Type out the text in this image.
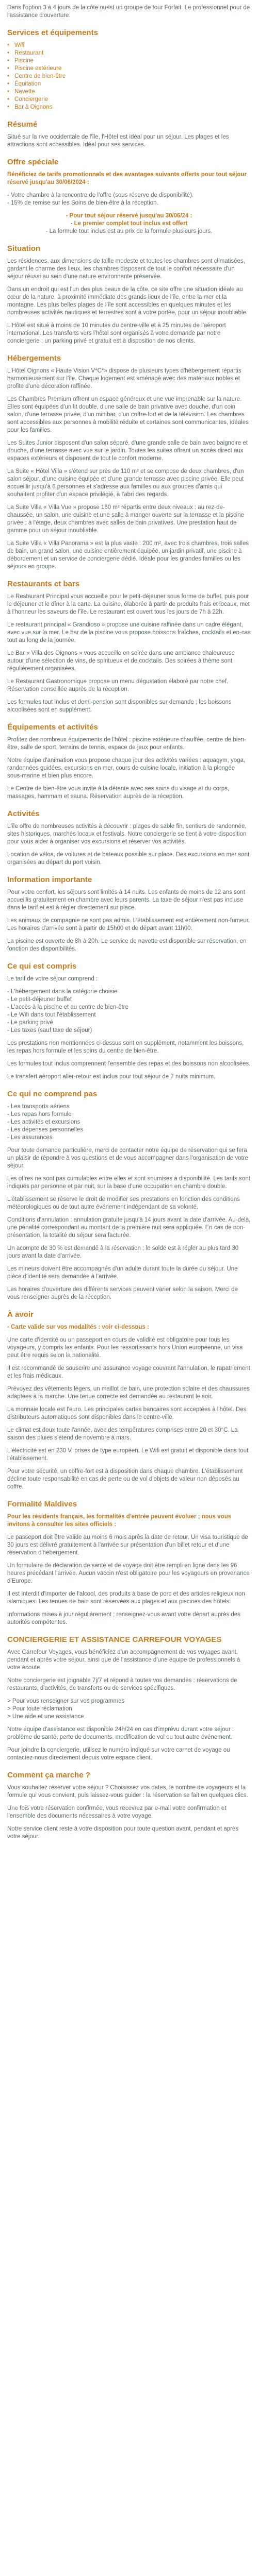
Dans l'option 3 à 4 jours de la côte ouest un groupe de tour Forfait. Le professionnel pour de l'assistance d'ouverture.

Services et équipements
• Wifi
• Restaurant
• Piscine
• Piscine extérieure
• Centre de bien-être
• Équitation
• Navette
• Conciergerie
• Bar à Oignons
Résumé

Situé sur la rive occidentale de l'île, l'Hôtel est idéal pour un séjour. Les plages et les attractions sont accessibles. Idéal pour ses services.

Offre spéciale

Bénéficiez de tarifs promotionnels et des avantages suivants offerts pour tout séjour réservé jusqu'au 30/06/2024 :

- Votre chambre à la rencontre de l'offre (sous réserve de disponibilité).
- 15% de remise sur les Soins de bien-être à la réception.

- Pour tout séjour réservé jusqu'au 30/06/24 :
- Le premier complet tout inclus est offert
- La formule tout inclus est au prix de la formule plusieurs jours.

Situation

Les résidences, aux dimensions de taille modeste et toutes les chambres sont climatisées, gardant le charme des lieux, les chambres disposent de tout le confort nécessaire d'un séjour réussi au sein d'une nature environnante préservée.

Dans un endroit qui est l'un des plus beaux de la côte, ce site offre une situation idéale au cœur de la nature, à proximité immédiate des grands lieux de l'île, entre la mer et la montagne. Les plus belles plages de l'île sont accessibles en quelques minutes et les nombreuses activités nautiques et terrestres sont à votre portée, pour un séjour inoubliable.

L'Hôtel est situé à moins de 10 minutes du centre-ville et à 25 minutes de l'aéroport international. Les transferts vers l'hôtel sont organisés à votre demande par notre conciergerie ; un parking privé et gratuit est à disposition de nos clients.

Hébergements

L'Hôtel Oignons « Haute Vision V*C*» dispose de plusieurs types d'hébergement répartis harmonieusement sur l'île. Chaque logement est aménagé avec des matériaux nobles et profite d'une décoration raffinée.

Les Chambres Premium offrent un espace généreux et une vue imprenable sur la nature. Elles sont équipées d'un lit double, d'une salle de bain privative avec douche, d'un coin salon, d'une terrasse privée, d'un minibar, d'un coffre-fort et de la télévision. Les chambres sont accessibles aux personnes à mobilité réduite et certaines sont communicantes, idéales pour les familles.

Les Suites Junior disposent d'un salon séparé, d'une grande salle de bain avec baignoire et douche, d'une terrasse avec vue sur le jardin. Toutes les suites offrent un accès direct aux espaces extérieurs et disposent de tout le confort moderne.

La Suite « Hôtel Villa » s'étend sur près de 110 m² et se compose de deux chambres, d'un salon séjour, d'une cuisine équipée et d'une grande terrasse avec piscine privée. Elle peut accueillir jusqu'à 6 personnes et s'adresse aux familles ou aux groupes d'amis qui souhaitent profiter d'un espace privilégié, à l'abri des regards.

La Suite Villa « Villa Vue » propose 160 m² répartis entre deux niveaux : au rez-de-chaussée, un salon, une cuisine et une salle à manger ouverte sur la terrasse et la piscine privée ; à l'étage, deux chambres avec salles de bain privatives. Une prestation haut de gamme pour un séjour inoubliable.

La Suite Villa « Villa Panorama » est la plus vaste : 200 m², avec trois chambres, trois salles de bain, un grand salon, une cuisine entièrement équipée, un jardin privatif, une piscine à débordement et un service de conciergerie dédié. Idéale pour les grandes familles ou les séjours en groupe.

Restaurants et bars

Le Restaurant Principal vous accueille pour le petit-déjeuner sous forme de buffet, puis pour le déjeuner et le dîner à la carte. La cuisine, élaborée à partir de produits frais et locaux, met à l'honneur les saveurs de l'île. Le restaurant est ouvert tous les jours de 7h à 22h.

Le restaurant principal « Grandioso » propose une cuisine raffinée dans un cadre élégant, avec vue sur la mer. Le bar de la piscine vous propose boissons fraîches, cocktails et en-cas tout au long de la journée.

Le Bar « Villa des Oignons » vous accueille en soirée dans une ambiance chaleureuse autour d'une sélection de vins, de spiritueux et de cocktails. Des soirées à thème sont régulièrement organisées.

Le Restaurant Gastronomique propose un menu dégustation élaboré par notre chef. Réservation conseillée auprès de la réception.

Les formules tout inclus et demi-pension sont disponibles sur demande ; les boissons alcoolisées sont en supplément.

Équipements et activités

Profitez des nombreux équipements de l'hôtel : piscine extérieure chauffée, centre de bien-être, salle de sport, terrains de tennis, espace de jeux pour enfants.

Notre équipe d'animation vous propose chaque jour des activités variées : aquagym, yoga, randonnées guidées, excursions en mer, cours de cuisine locale, initiation à la plongée sous-marine et bien plus encore.

Le Centre de bien-être vous invite à la détente avec ses soins du visage et du corps, massages, hammam et sauna. Réservation auprès de la réception.

Activités

L'île offre de nombreuses activités à découvrir : plages de sable fin, sentiers de randonnée, sites historiques, marchés locaux et festivals. Notre conciergerie se tient à votre disposition pour vous aider à organiser vos excursions et réserver vos activités.

Location de vélos, de voitures et de bateaux possible sur place. Des excursions en mer sont organisées au départ du port voisin.

Information importante

Pour votre confort, les séjours sont limités à 14 nuits. Les enfants de moins de 12 ans sont accueillis gratuitement en chambre avec leurs parents. La taxe de séjour n'est pas incluse dans le tarif et est à régler directement sur place.

Les animaux de compagnie ne sont pas admis. L'établissement est entièrement non-fumeur. Les horaires d'arrivée sont à partir de 15h00 et de départ avant 11h00.

La piscine est ouverte de 8h à 20h. Le service de navette est disponible sur réservation, en fonction des disponibilités.

Ce qui est compris

Le tarif de votre séjour comprend :

- L'hébergement dans la catégorie choisie
- Le petit-déjeuner buffet
- L'accès à la piscine et au centre de bien-être
- Le Wifi dans tout l'établissement
- Le parking privé
- Les taxes (sauf taxe de séjour)

Les prestations non mentionnées ci-dessus sont en supplément, notamment les boissons, les repas hors formule et les soins du centre de bien-être.

Les formules tout inclus comprennent l'ensemble des repas et des boissons non alcoolisées.

Le transfert aéroport aller-retour est inclus pour tout séjour de 7 nuits minimum.

Ce qui ne comprend pas
- Les transports aériens
- Les repas hors formule
- Les activités et excursions
- Les dépenses personnelles
- Les assurances

Pour toute demande particulière, merci de contacter notre équipe de réservation qui se fera un plaisir de répondre à vos questions et de vous accompagner dans l'organisation de votre séjour.

Les offres ne sont pas cumulables entre elles et sont soumises à disponibilité. Les tarifs sont indiqués par personne et par nuit, sur la base d'une occupation en chambre double.

L'établissement se réserve le droit de modifier ses prestations en fonction des conditions météorologiques ou de tout autre événement indépendant de sa volonté.

Conditions d'annulation : annulation gratuite jusqu'à 14 jours avant la date d'arrivée. Au-delà, une pénalité correspondant au montant de la première nuit sera appliquée. En cas de non-présentation, la totalité du séjour sera facturée.

Un acompte de 30 % est demandé à la réservation ; le solde est à régler au plus tard 30 jours avant la date d'arrivée.

Les mineurs doivent être accompagnés d'un adulte durant toute la durée du séjour. Une pièce d'identité sera demandée à l'arrivée.

Les horaires d'ouverture des différents services peuvent varier selon la saison. Merci de vous renseigner auprès de la réception.

À avoir

- Carte valide sur vos modalités : voir ci-dessous :

Une carte d'identité ou un passeport en cours de validité est obligatoire pour tous les voyageurs, y compris les enfants. Pour les ressortissants hors Union européenne, un visa peut être requis selon la nationalité.

Il est recommandé de souscrire une assurance voyage couvrant l'annulation, le rapatriement et les frais médicaux.

Prévoyez des vêtements légers, un maillot de bain, une protection solaire et des chaussures adaptées à la marche. Une tenue correcte est demandée au restaurant le soir.

La monnaie locale est l'euro. Les principales cartes bancaires sont acceptées à l'hôtel. Des distributeurs automatiques sont disponibles dans le centre-ville.

Le climat est doux toute l'année, avec des températures comprises entre 20 et 30°C. La saison des pluies s'étend de novembre à mars.

L'électricité est en 230 V, prises de type européen. Le Wifi est gratuit et disponible dans tout l'établissement.

Pour votre sécurité, un coffre-fort est à disposition dans chaque chambre. L'établissement décline toute responsabilité en cas de perte ou de vol d'objets de valeur non déposés au coffre.

Formalité Maldives

Pour les résidents français, les formalités d'entrée peuvent évoluer ; nous vous invitons à consulter les sites officiels :

Le passeport doit être valide au moins 6 mois après la date de retour. Un visa touristique de 30 jours est délivré gratuitement à l'arrivée sur présentation d'un billet retour et d'une réservation d'hébergement.

Un formulaire de déclaration de santé et de voyage doit être rempli en ligne dans les 96 heures précédant l'arrivée. Aucun vaccin n'est obligatoire pour les voyageurs en provenance d'Europe.

Il est interdit d'importer de l'alcool, des produits à base de porc et des articles religieux non islamiques. Les tenues de bain sont réservées aux plages et aux piscines des hôtels.

Informations mises à jour régulièrement ; renseignez-vous avant votre départ auprès des autorités compétentes.

CONCIERGERIE ET ASSISTANCE CARREFOUR VOYAGES

Avec Carrefour Voyages, vous bénéficiez d'un accompagnement de vos voyages avant, pendant et après votre séjour, ainsi que de l'assistance d'une équipe de professionnels à votre écoute.

Notre conciergerie est joignable 7j/7 et répond à toutes vos demandes : réservations de restaurants, d'activités, de transferts ou de services spécifiques.

> Pour vous renseigner sur vos programmes
> Pour toute réclamation
> Une aide et une assistance

Notre équipe d'assistance est disponible 24h/24 en cas d'imprévu durant votre séjour : problème de santé, perte de documents, modification de vol ou tout autre événement.

Pour joindre la conciergerie, utilisez le numéro indiqué sur votre carnet de voyage ou contactez-nous directement depuis votre espace client.

Comment ça marche ?

Vous souhaitez réserver votre séjour ? Choisissez vos dates, le nombre de voyageurs et la formule qui vous convient, puis laissez-vous guider : la réservation se fait en quelques clics.

Une fois votre réservation confirmée, vous recevrez par e-mail votre confirmation et l'ensemble des documents nécessaires à votre voyage.

Notre service client reste à votre disposition pour toute question avant, pendant et après votre séjour.
